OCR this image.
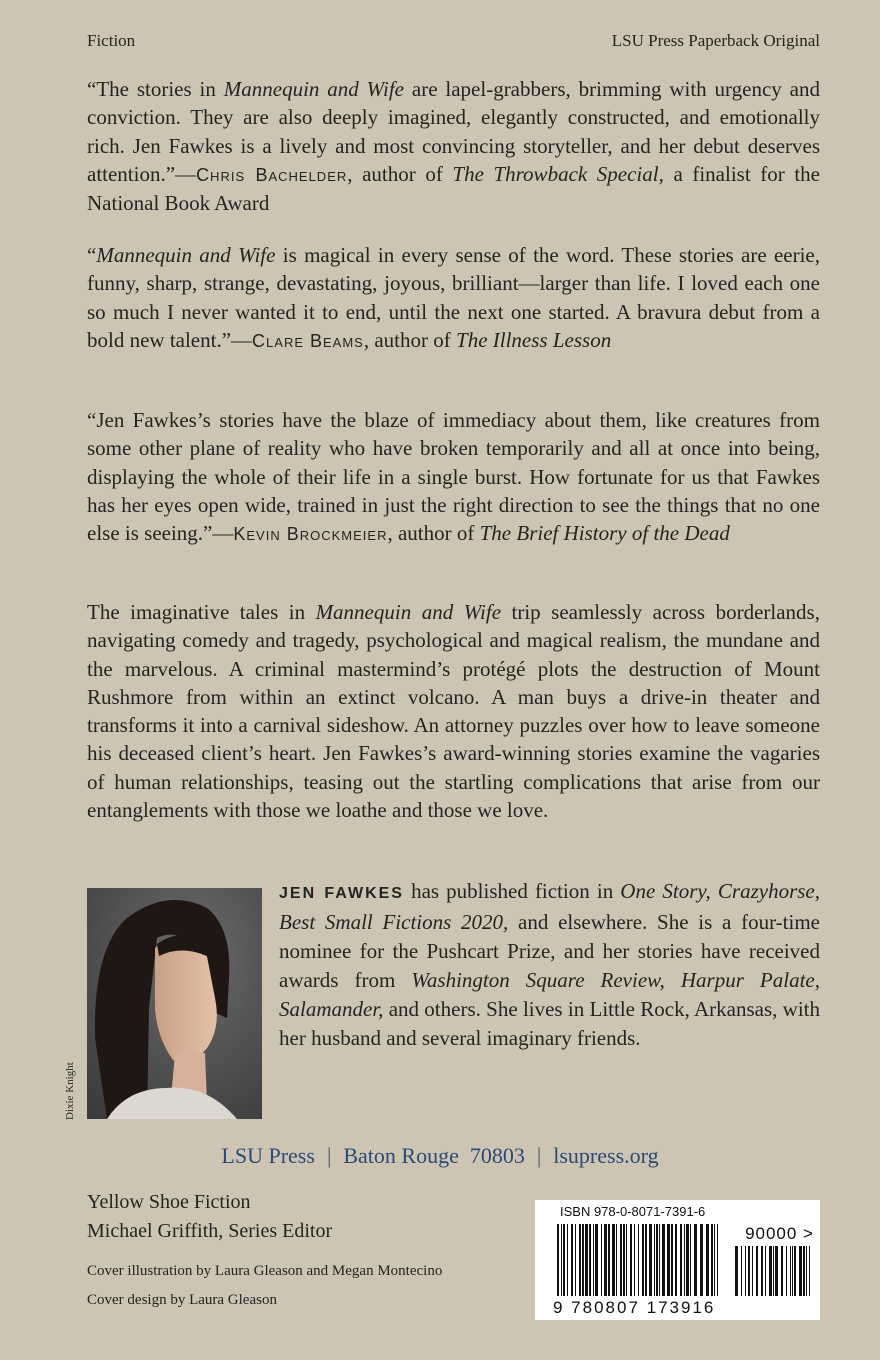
Fiction	LSU Press Paperback Original

“The stories in Mannequin and Wife are lapel-grabbers, brimming with urgency and conviction. They are also deeply imagined, elegantly constructed, and emotionally rich. Jen Fawkes is a lively and most convincing storyteller, and her debut deserves attention.”—Chris Bachelder, author of The Throwback Special, a finalist for the National Book Award

“Mannequin and Wife is magical in every sense of the word. These stories are eerie, funny, sharp, strange, devastating, joyous, brilliant—larger than life. I loved each one so much I never wanted it to end, until the next one started. A bravura debut from a bold new talent.”—Clare Beams, author of The Illness Lesson

“Jen Fawkes’s stories have the blaze of immediacy about them, like creatures from some other plane of reality who have broken temporarily and all at once into being, displaying the whole of their life in a single burst. How fortunate for us that Fawkes has her eyes open wide, trained in just the right direction to see the things that no one else is seeing.”—Kevin Brockmeier, author of The Brief History of the Dead

The imaginative tales in Mannequin and Wife trip seamlessly across borderlands, navigating comedy and tragedy, psychological and magical realism, the mundane and the marvelous. A criminal mastermind’s protégé plots the destruction of Mount Rushmore from within an extinct volcano. A man buys a drive-in theater and transforms it into a carnival sideshow. An attorney puzzles over how to leave someone his deceased client’s heart. Jen Fawkes’s award-winning stories examine the vagaries of human relationships, teasing out the startling complications that arise from our entanglements with those we loathe and those we love.

Dixie Knight

JEN FAWKES has published fiction in One Story, Crazyhorse, Best Small Fictions 2020, and elsewhere. She is a four-time nominee for the Pushcart Prize, and her stories have received awards from Washington Square Review, Harpur Palate, Salamander, and others. She lives in Little Rock, Arkansas, with her husband and several imaginary friends.

LSU Press | Baton Rouge  70803 | lsupress.org
Yellow Shoe Fiction
Michael Griffith, Series Editor
Cover illustration by Laura Gleason and Megan Montecino
Cover design by Laura Gleason
ISBN 978-0-8071-7391-6
90000 >
9 780807 173916
